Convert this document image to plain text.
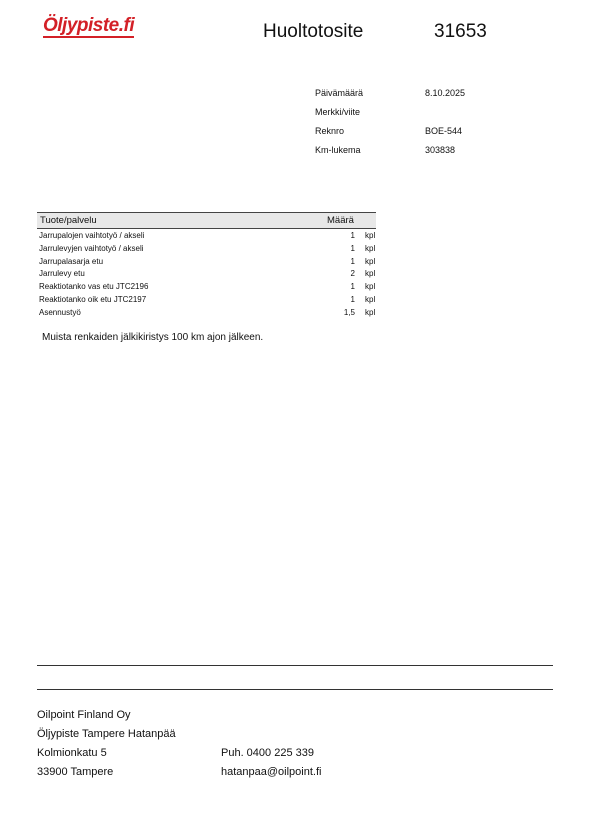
Öljypiste.fi	Huoltotosite	31653
Päivämäärä	8.10.2025
Merkki/viite
Reknro	BOE-544
Km-lukema	303838
Tuote/palvelu	Määrä
Jarrupalojen vaihtotyö / akseli	1 kpl
Jarrulevyjen vaihtotyö / akseli	1 kpl
Jarrupalasarja etu	1 kpl
Jarrulevy etu	2 kpl
Reaktiotanko vas etu JTC2196	1 kpl
Reaktiotanko oik etu JTC2197	1 kpl
Asennustyö	1,5 kpl
Muista renkaiden jälkikiristys 100 km ajon jälkeen.
Oilpoint Finland Oy
Öljypiste Tampere Hatanpää
Kolmionkatu 5
33900 Tampere
Puh. 0400 225 339
hatanpaa@oilpoint.fi
